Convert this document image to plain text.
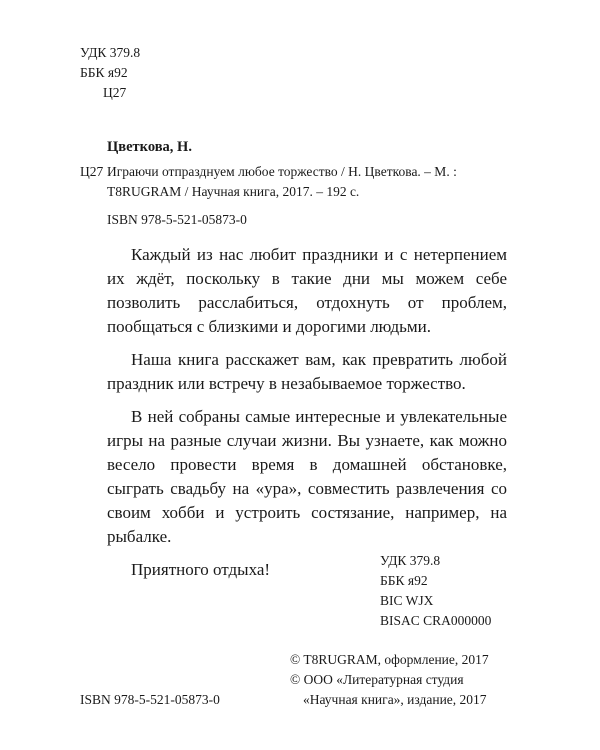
УДК 379.8
ББК я92
Ц27
Цветкова, Н.
Ц27 Играючи отпразднуем любое торжество / Н. Цветкова. – М. :
T8RUGRAM / Научная книга, 2017. – 192 с.
ISBN 978-5-521-05873-0

Каждый из нас любит праздники и с нетерпением их ждёт, поскольку в такие дни мы можем себе позволить расслабиться, отдохнуть от проблем, пообщаться с близкими и дорогими людьми.

Наша книга расскажет вам, как превратить любой праздник или встречу в незабываемое торжество.

В ней собраны самые интересные и увлекательные игры на разные случаи жизни. Вы узнаете, как можно весело провести время в домашней обстановке, сыграть свадьбу на «ура», совместить развлечения со своим хобби и устроить состязание, например, на рыбалке.

Приятного отдыха!	УДК 379.8
ББК я92
BIC WJX
BISAC CRA000000
© T8RUGRAM, оформление, 2017
© ООО «Литературная студия
«Научная книга», издание, 2017
ISBN 978-5-521-05873-0
